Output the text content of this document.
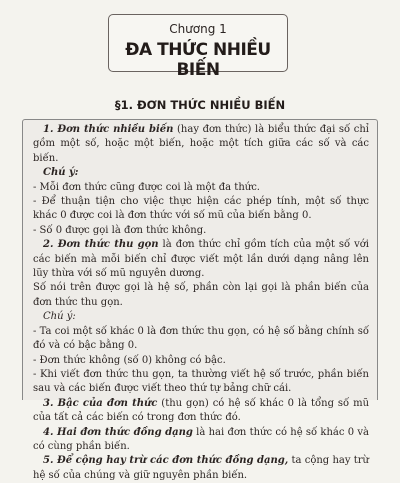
Chương 1
ĐA THỨC NHIỀU BIẾN
§1. ĐƠN THỨC NHIỀU BIẾN

1. Đơn thức nhiều biến (hay đơn thức) là biểu thức đại số chỉ gồm một số, hoặc một biến, hoặc một tích giữa các số và các biến.

Chú ý:

- Mỗi đơn thức cũng được coi là một đa thức.

- Để thuận tiện cho việc thực hiện các phép tính, một số thực khác 0 được coi là đơn thức với số mũ của biến bằng 0.

- Số 0 được gọi là đơn thức không.

2. Đơn thức thu gọn là đơn thức chỉ gồm tích của một số với các biến mà mỗi biến chỉ được viết một lần dưới dạng nâng lên lũy thừa với số mũ nguyên dương.

Số nói trên được gọi là hệ số, phần còn lại gọi là phần biến của đơn thức thu gọn.

Chú ý:

- Ta coi một số khác 0 là đơn thức thu gọn, có hệ số bằng chính số đó và có bậc bằng 0.

- Đơn thức không (số 0) không có bậc.

- Khi viết đơn thức thu gọn, ta thường viết hệ số trước, phần biến sau và các biến được viết theo thứ tự bảng chữ cái.

3. Bậc của đơn thức (thu gọn) có hệ số khác 0 là tổng số mũ của tất cả các biến có trong đơn thức đó.

4. Hai đơn thức đồng dạng là hai đơn thức có hệ số khác 0 và có cùng phần biến.

5. Để cộng hay trừ các đơn thức đồng dạng, ta cộng hay trừ hệ số của chúng và giữ nguyên phần biến.
